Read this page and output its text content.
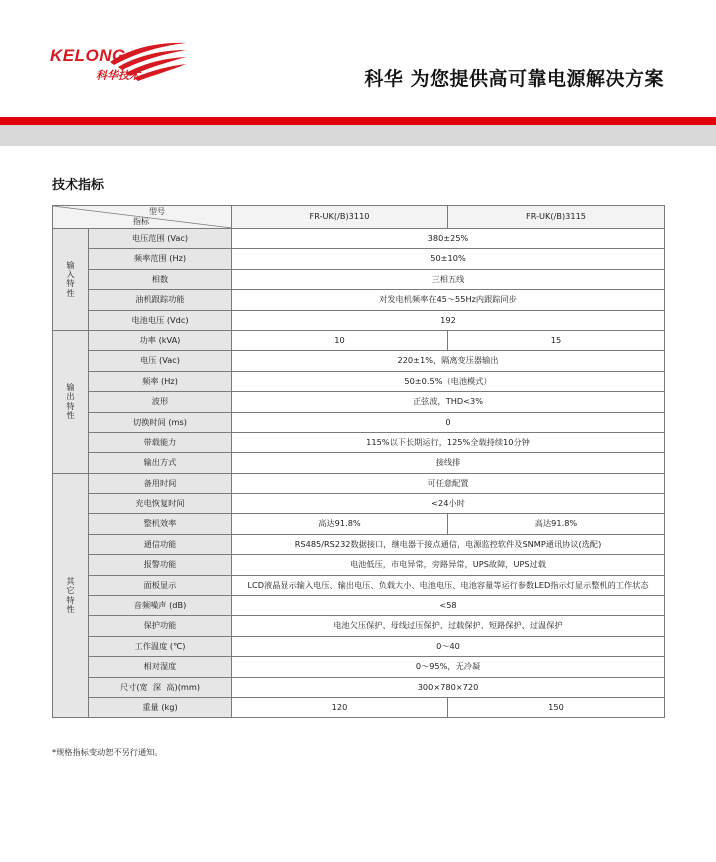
KELONG
科华技术	科华 为您提供高可靠电源解决方案
技术指标
型号
指标		FR-UK(/B)3110	FR-UK(/B)3115
输入特性	电压范围 (Vac)	380±25%	
	频率范围 (Hz)	50±10%	
	相数	三相五线	
	油机跟踪功能	对发电机频率在45～55Hz内跟踪同步	
	电池电压 (Vdc)	192	
输出特性	功率 (kVA)	10	15
	电压 (Vac)	220±1%，隔离变压器输出	
	频率 (Hz)	50±0.5%（电池模式）	
	波形	正弦波，THD<3%	
	切换时间 (ms)	0	
	带载能力	115%以下长期运行，125%全载持续10分钟	
	输出方式	接线排	
其它特性	备用时间	可任意配置	
	充电恢复时间	<24小时	
	整机效率	高达91.8%	高达91.8%
	通信功能	RS485/RS232数据接口，继电器干接点通信，电源监控软件及SNMP通讯协议(选配)	
	报警功能	电池低压，市电异常，旁路异常，UPS故障，UPS过载	
	面板显示	LCD液晶显示输入电压、输出电压、负载大小、电池电压、电池容量等运行参数LED指示灯显示整机的工作状态	
	音频噪声 (dB)	<58	
	保护功能	电池欠压保护、母线过压保护、过载保护、短路保护、过温保护	
	工作温度 (℃)	0～40	
	相对湿度	0～95%，无冷凝	
	尺寸(宽  深  高)(mm)	300×780×720	
	重量 (kg)	120	150
*规格指标变动恕不另行通知。
